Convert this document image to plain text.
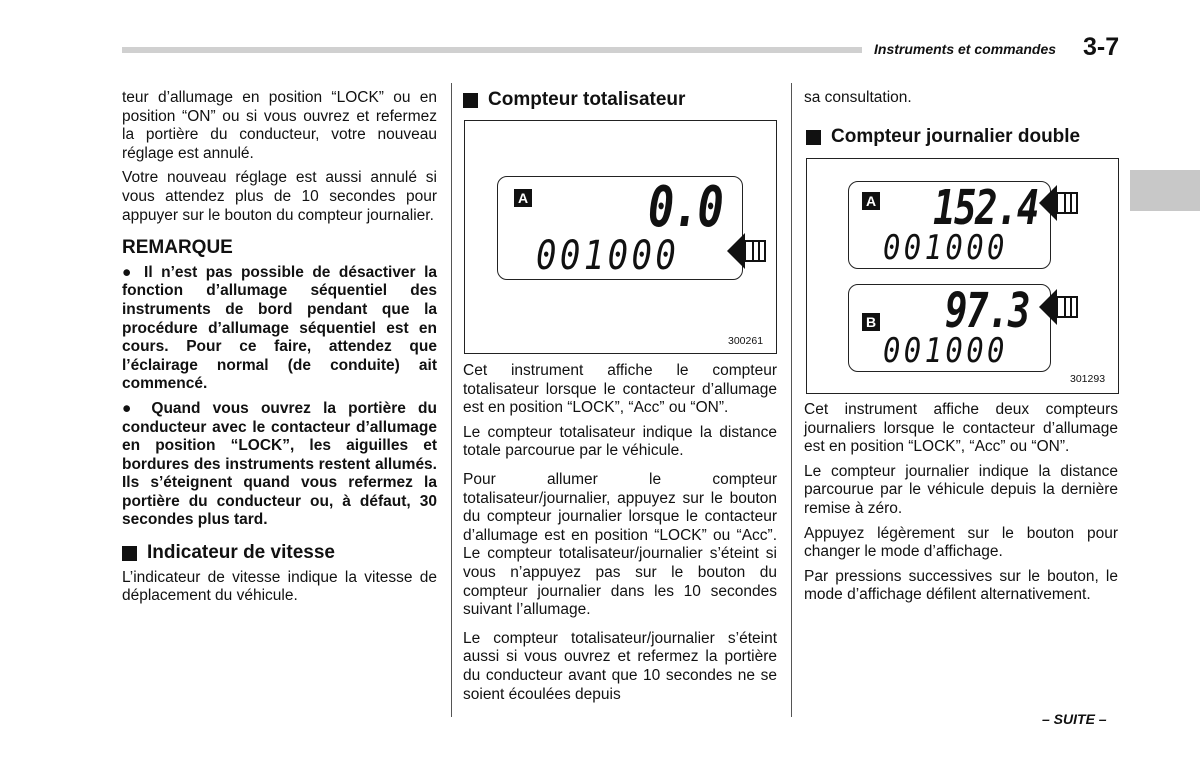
Instruments et commandes 3-7

teur d’allumage en position “LOCK” ou en position “ON” ou si vous ouvrez et refermez la portière du conducteur, votre nouveau réglage est annulé.

Votre nouveau réglage est aussi annulé si vous attendez plus de 10 secondes pour appuyer sur le bouton du compteur journalier.

REMARQUE

● Il n’est pas possible de désactiver la fonction d’allumage séquentiel des instruments de bord pendant que la procédure d’allumage séquentiel est en cours. Pour ce faire, attendez que l’éclairage normal (de conduite) ait commencé.

● Quand vous ouvrez la portière du conducteur avec le contacteur d’allumage en position “LOCK”, les aiguilles et bordures des instruments restent allumés. Ils s’éteignent quand vous refermez la portière du conducteur ou, à défaut, 30 secondes plus tard.

Indicateur de vitesse

L’indicateur de vitesse indique la vitesse de déplacement du véhicule.

Compteur totalisateur
A 0.0
001000
300261

Cet instrument affiche le compteur totalisateur lorsque le contacteur d’allumage est en position “LOCK”, “Acc” ou “ON”.

Le compteur totalisateur indique la distance totale parcourue par le véhicule.

Pour allumer le compteur totalisateur/journalier, appuyez sur le bouton du compteur journalier lorsque le contacteur d’allumage est en position “LOCK” ou “Acc”. Le compteur totalisateur/journalier s’éteint si vous n’appuyez pas sur le bouton du compteur journalier dans les 10 secondes suivant l’allumage.

Le compteur totalisateur/journalier s’éteint aussi si vous ouvrez et refermez la portière du conducteur avant que 10 secondes ne se soient écoulées depuis

sa consultation.

Compteur journalier double
A 152.4
001000
B 97.3
001000
301293

Cet instrument affiche deux compteurs journaliers lorsque le contacteur d’allumage est en position “LOCK”, “Acc” ou “ON”.

Le compteur journalier indique la distance parcourue par le véhicule depuis la dernière remise à zéro.

Appuyez légèrement sur le bouton pour changer le mode d’affichage.

Par pressions successives sur le bouton, le mode d’affichage défilent alternativement.

– SUITE –
